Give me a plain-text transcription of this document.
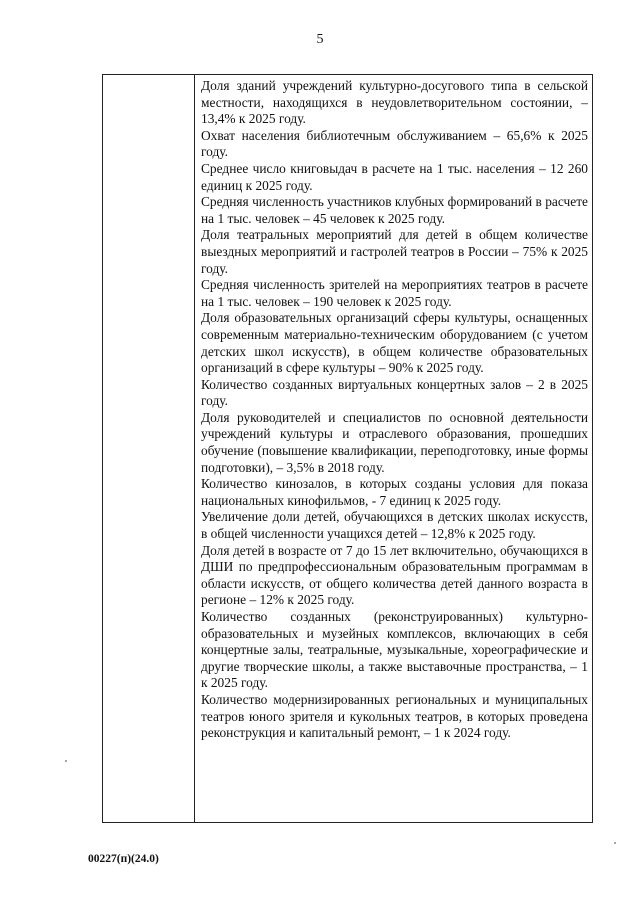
5

Доля зданий учреждений культурно-досугового типа в сельской местности, находящихся в неудовлетворительном состоянии, – 13,4% к 2025 году.

Охват населения библиотечным обслуживанием – 65,6% к 2025 году.

Среднее число книговыдач в расчете на 1 тыс. населения – 12 260 единиц к 2025 году.

Средняя численность участников клубных формирований в расчете на 1 тыс. человек – 45 человек к 2025 году.

Доля театральных мероприятий для детей в общем количестве выездных мероприятий и гастролей театров в России – 75% к 2025 году.

Средняя численность зрителей на мероприятиях театров в расчете на 1 тыс. человек – 190 человек к 2025 году.

Доля образовательных организаций сферы культуры, оснащенных современным материально-техническим оборудованием (с учетом детских школ искусств), в общем количестве образовательных организаций в сфере культуры – 90% к 2025 году.

Количество созданных виртуальных концертных залов – 2 в 2025 году.

Доля руководителей и специалистов по основной деятельности учреждений культуры и отраслевого образования, прошедших обучение (повышение квалификации, переподготовку, иные формы подготовки), – 3,5% в 2018 году.

Количество кинозалов, в которых созданы условия для показа национальных кинофильмов, - 7 единиц к 2025 году.

Увеличение доли детей, обучающихся в детских школах искусств, в общей численности учащихся детей – 12,8% к 2025 году.

Доля детей в возрасте от 7 до 15 лет включительно, обучающихся в ДШИ по предпрофессиональным образовательным программам в области искусств, от общего количества детей данного возраста в регионе – 12% к 2025 году.

Количество созданных (реконструированных) культурно-образовательных и музейных комплексов, включающих в себя концертные залы, театральные, музыкальные, хореографические и другие творческие школы, а также выставочные пространства, – 1 к 2025 году.

Количество модернизированных региональных и муниципальных театров юного зрителя и кукольных театров, в которых проведена реконструкция и капитальный ремонт, – 1 к 2024 году.

00227(п)(24.0)
